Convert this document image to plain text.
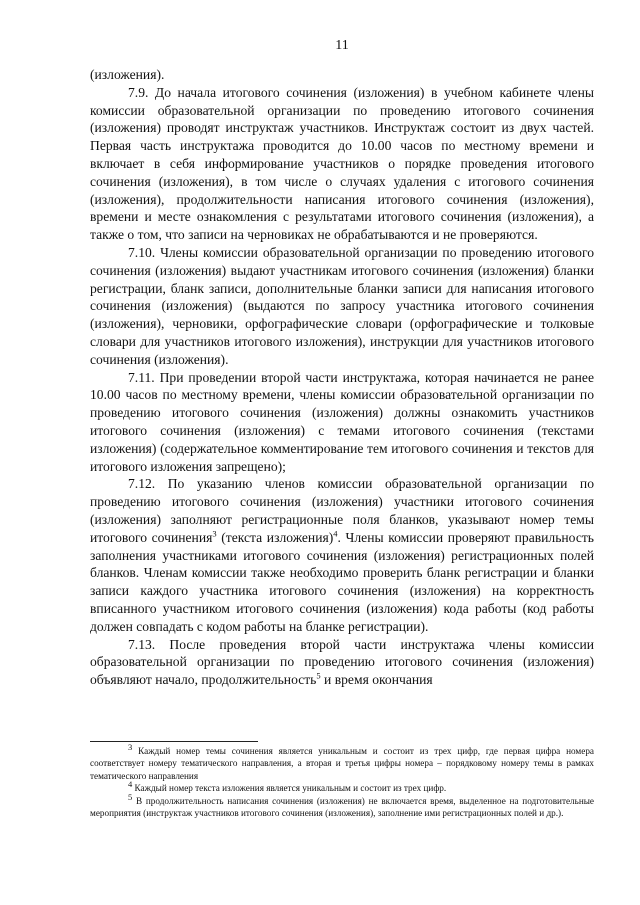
11

(изложения).

7.9. До начала итогового сочинения (изложения) в учебном кабинете члены комиссии образовательной организации по проведению итогового сочинения (изложения) проводят инструктаж участников. Инструктаж состоит из двух частей. Первая часть инструктажа проводится до 10.00 часов по местному времени и включает в себя информирование участников о порядке проведения итогового сочинения (изложения), в том числе о случаях удаления с итогового сочинения (изложения), продолжительности написания итогового сочинения (изложения), времени и месте ознакомления с результатами итогового сочинения (изложения), а также о том, что записи на черновиках не обрабатываются и не проверяются.

7.10. Члены комиссии образовательной организации по проведению итогового сочинения (изложения) выдают участникам итогового сочинения (изложения) бланки регистрации, бланк записи, дополнительные бланки записи для написания итогового сочинения (изложения) (выдаются по запросу участника итогового сочинения (изложения), черновики, орфографические словари (орфографические и толковые словари для участников итогового изложения), инструкции для участников итогового сочинения (изложения).

7.11. При проведении второй части инструктажа, которая начинается не ранее 10.00 часов по местному времени, члены комиссии образовательной организации по проведению итогового сочинения (изложения) должны ознакомить участников итогового сочинения (изложения) с темами итогового сочинения (текстами изложения) (содержательное комментирование тем итогового сочинения и текстов для итогового изложения запрещено);

7.12. По указанию членов комиссии образовательной организации по проведению итогового сочинения (изложения) участники итогового сочинения (изложения) заполняют регистрационные поля бланков, указывают номер темы итогового сочинения$^3$ (текста изложения)$^4$. Члены комиссии проверяют правильность заполнения участниками итогового сочинения (изложения) регистрационных полей бланков. Членам комиссии также необходимо проверить бланк регистрации и бланки записи каждого участника итогового сочинения (изложения) на корректность вписанного участником итогового сочинения (изложения) кода работы (код работы должен совпадать с кодом работы на бланке регистрации).

7.13. После проведения второй части инструктажа члены комиссии образовательной организации по проведению итогового сочинения (изложения) объявляют начало, продолжительность$^5$ и время окончания

$^3$ Каждый номер темы сочинения является уникальным и состоит из трех цифр, где первая цифра номера соответствует номеру тематического направления, а вторая и третья цифры номера – порядковому номеру темы в рамках тематического направления

$^4$ Каждый номер текста изложения является уникальным и состоит из трех цифр.

$^5$ В продолжительность написания сочинения (изложения) не включается время, выделенное на подготовительные мероприятия (инструктаж участников итогового сочинения (изложения), заполнение ими регистрационных полей и др.).
